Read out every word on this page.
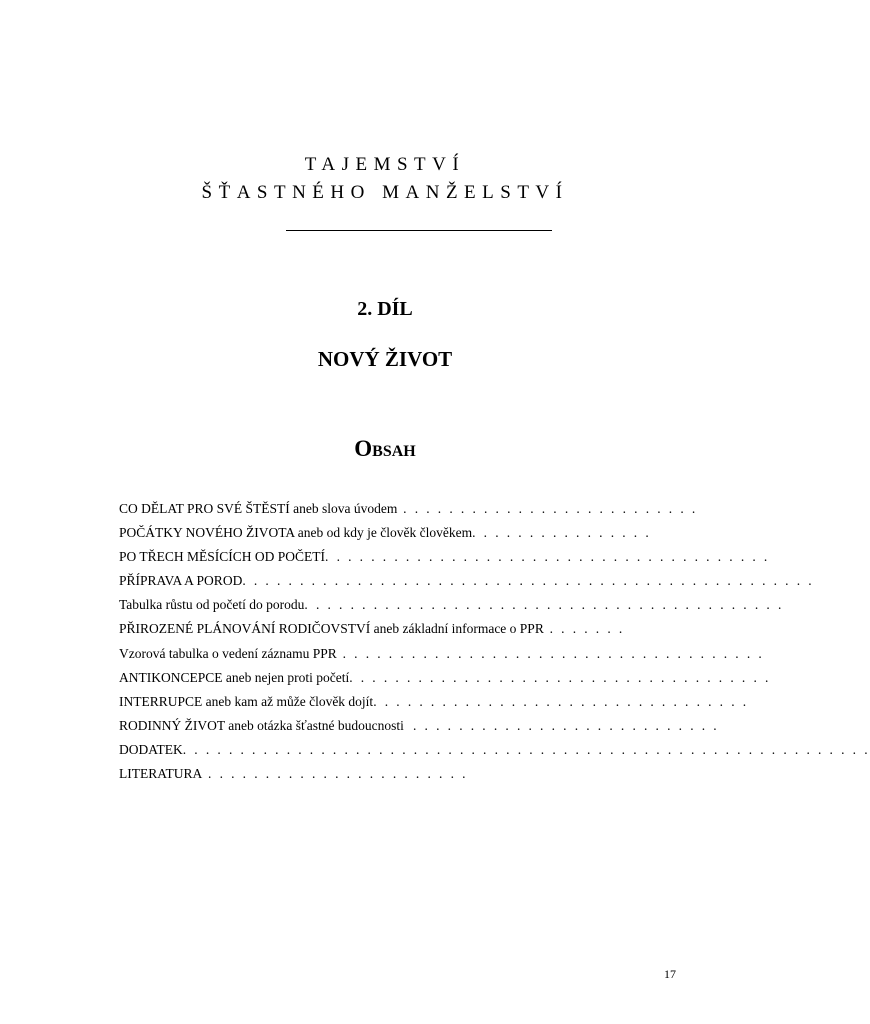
TAJEMSTVÍ
ŠŤASTNÉHO MANŽELSTVÍ
2. DÍL
NOVÝ ŽIVOT
Obsah
CO DĚLAT PRO SVÉ ŠTĚSTÍ aneb slova úvodem . . . . . . . . . . . . . . . . . . . . . . . . . .
POČÁTKY NOVÉHO ŽIVOTA aneb od kdy je člověk člověkem. . . . . . . . . . . . . . . .
PO TŘECH MĚSÍCÍCH OD POČETÍ. . . . . . . . . . . . . . . . . . . . . . . . . . . . . . . . . . . . . . .
PŘÍPRAVA A POROD. . . . . . . . . . . . . . . . . . . . . . . . . . . . . . . . . . . . . . . . . . . . . . . . . .
Tabulka růstu od početí do porodu. . . . . . . . . . . . . . . . . . . . . . . . . . . . . . . . . . . . . . . . . .
PŘIROZENÉ PLÁNOVÁNÍ RODIČOVSTVÍ aneb základní informace o PPR . . . . . . .
Vzorová tabulka o vedení záznamu PPR . . . . . . . . . . . . . . . . . . . . . . . . . . . . . . . . . . . . .
ANTIKONCEPCE aneb nejen proti početí. . . . . . . . . . . . . . . . . . . . . . . . . . . . . . . . . . . . .
INTERRUPCE aneb kam až může člověk dojít. . . . . . . . . . . . . . . . . . . . . . . . . . . . . . . . .
RODINNÝ ŽIVOT aneb otázka šťastné budoucnosti  . . . . . . . . . . . . . . . . . . . . . . . . . . .
DODATEK. . . . . . . . . . . . . . . . . . . . . . . . . . . . . . . . . . . . . . . . . . . . . . . . . . . . . . . . . . . .
LITERATURA . . . . . . . . . . . . . . . . . . . . . . .
17
